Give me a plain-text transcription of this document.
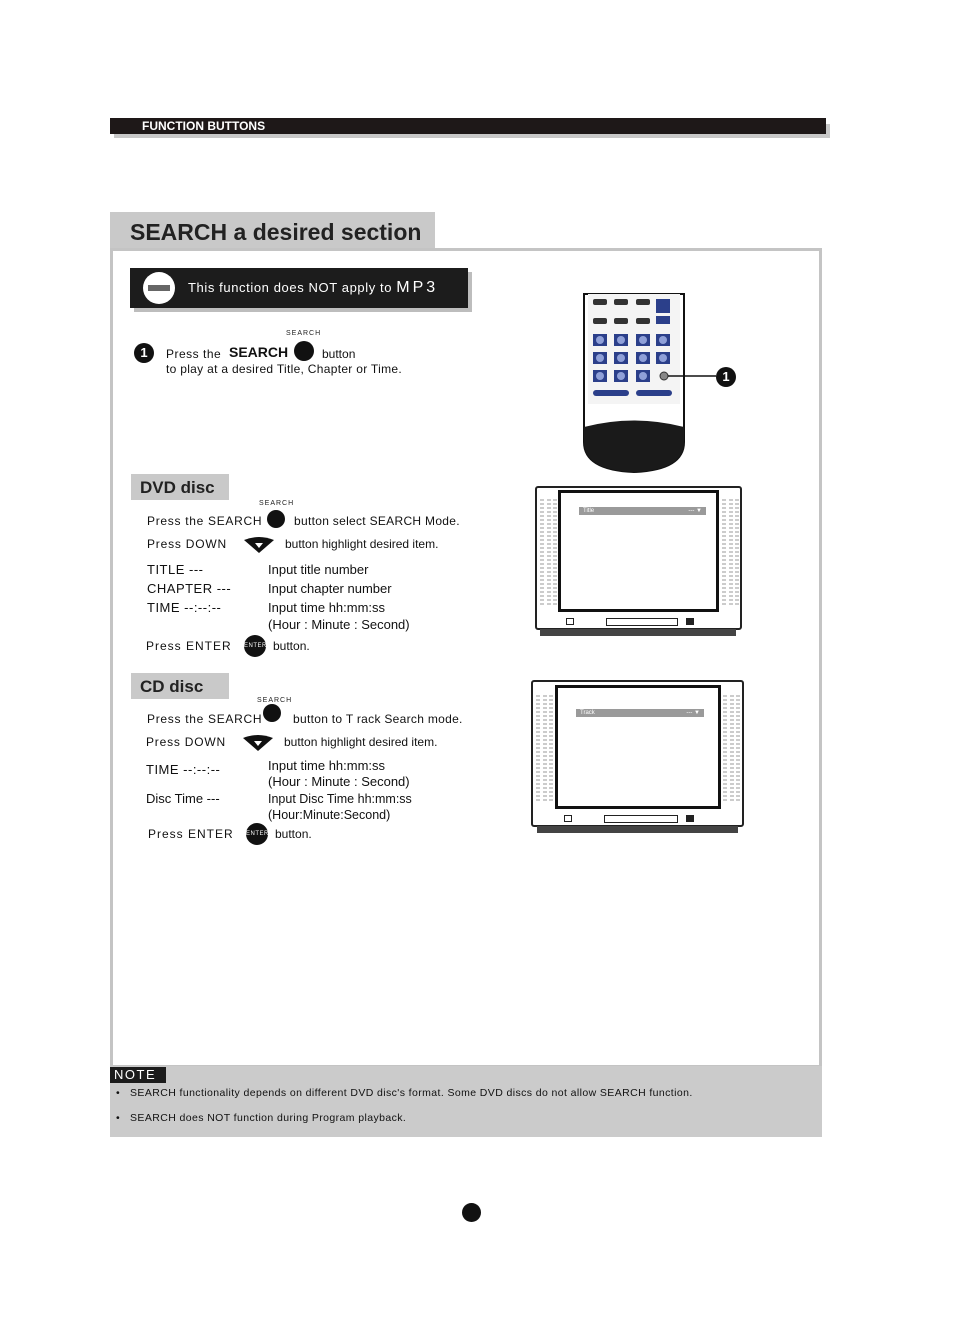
FUNCTION BUTTONS
SEARCH a desired section
This function does NOT apply to MP3
1
SEARCH
Press the SEARCH	button
to play at a desired Title, Chapter or Time.	1
DVD disc
SEARCH
Press the SEARCH	button select SEARCH Mode.
Press DOWN	button highlight desired item.
TITLE ---	Input title number
CHAPTER ---	Input chapter number
TIME --:--:--	Input time hh:mm:ss
(Hour : Minute : Second)
Press ENTER ENTER button.
Title	--- ▼
CD disc
SEARCH
Press the SEARCH	button to T rack Search mode.
Press DOWN	button highlight desired item.
TIME --:--:--	Input time hh:mm:ss
(Hour : Minute : Second)
Disc Time ---	Input Disc Time hh:mm:ss
(Hour:Minute:Second)
Press ENTER ENTER button.
Track	--- ▼
NOTE
•   SEARCH functionality depends on different DVD disc's format. Some DVD discs do not allow SEARCH function.
•   SEARCH does NOT function during Program playback.
